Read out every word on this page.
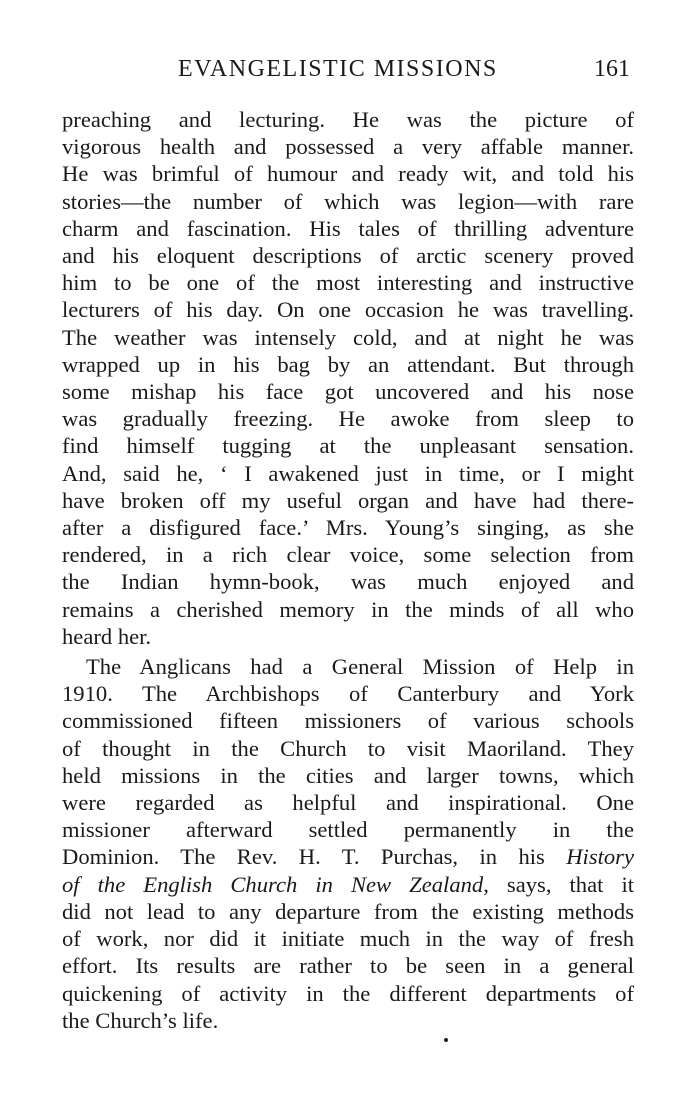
EVANGELISTIC MISSIONS	161
preaching and lecturing. He was the picture of
vigorous health and possessed a very affable manner.
He was brimful of humour and ready wit, and told his
stories—the number of which was legion—with rare
charm and fascination. His tales of thrilling adventure
and his eloquent descriptions of arctic scenery proved
him to be one of the most interesting and instructive
lecturers of his day. On one occasion he was travelling.
The weather was intensely cold, and at night he was
wrapped up in his bag by an attendant. But through
some mishap his face got uncovered and his nose
was gradually freezing. He awoke from sleep to
find himself tugging at the unpleasant sensation.
And, said he, ‘ I awakened just in time, or I might
have broken off my useful organ and have had there-
after a disfigured face.’ Mrs. Young’s singing, as she
rendered, in a rich clear voice, some selection from
the Indian hymn-book, was much enjoyed and
remains a cherished memory in the minds of all who
heard her.
The Anglicans had a General Mission of Help in
1910. The Archbishops of Canterbury and York
commissioned fifteen missioners of various schools
of thought in the Church to visit Maoriland. They
held missions in the cities and larger towns, which
were regarded as helpful and inspirational. One
missioner afterward settled permanently in the
Dominion. The Rev. H. T. Purchas, in his History
of the English Church in New Zealand, says, that it
did not lead to any departure from the existing methods
of work, nor did it initiate much in the way of fresh
effort. Its results are rather to be seen in a general
quickening of activity in the different departments of
the Church’s life.
